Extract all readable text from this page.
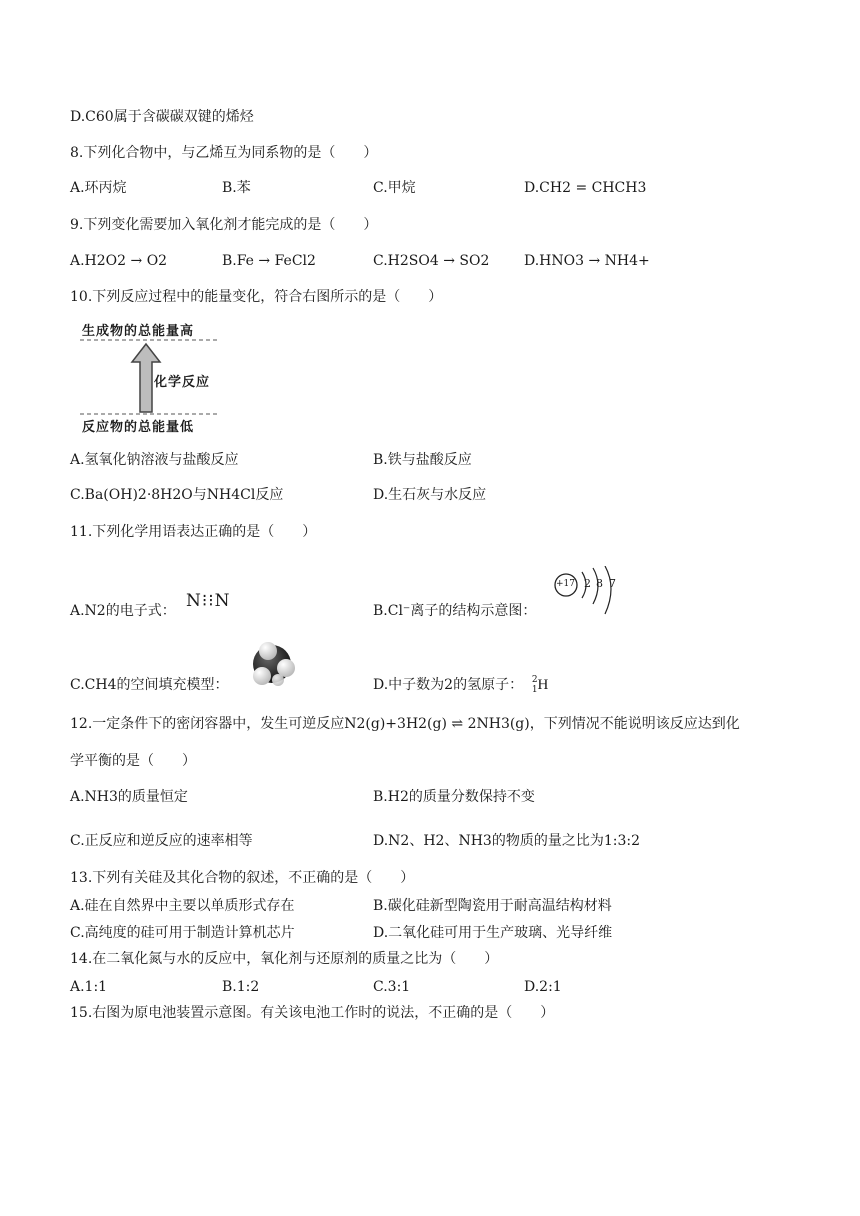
D.C60属于含碳碳双键的烯烃
8.下列化合物中，与乙烯互为同系物的是（　　）
A.环丙烷	B.苯	C.甲烷	D.CH2 = CHCH3
9.下列变化需要加入氧化剂才能完成的是（　　）
A.H2O2 → O2	B.Fe → FeCl2	C.H2SO4 → SO2 D.HNO3 → NH4+
10.下列反应过程中的能量变化，符合右图所示的是（　　）
生成物的总能量高
化学反应
反应物的总能量低
A.氢氧化钠溶液与盐酸反应	B.铁与盐酸反应
C.Ba(OH)2·8H2O与NH4Cl反应	D.生石灰与水反应
11.下列化学用语表达正确的是（　　）
A.N2的电子式： N⁝⁝N	B.Cl⁻离子的结构示意图：
+17 2 8 7
C.CH4的空间填充模型：	D.中子数为2的氢原子： 2
1 H
12.一定条件下的密闭容器中，发生可逆反应N2(g)+3H2(g) ⇌ 2NH3(g)，下列情况不能说明该反应达到化
学平衡的是（　　）
A.NH3的质量恒定	B.H2的质量分数保持不变
C.正反应和逆反应的速率相等	D.N2、H2、NH3的物质的量之比为1:3:2
13.下列有关硅及其化合物的叙述，不正确的是（　　）
A.硅在自然界中主要以单质形式存在	B.碳化硅新型陶瓷用于耐高温结构材料
C.高纯度的硅可用于制造计算机芯片	D.二氧化硅可用于生产玻璃、光导纤维
14.在二氧化氮与水的反应中，氧化剂与还原剂的质量之比为（　　）
A.1:1	B.1:2	C.3:1	D.2:1
15.右图为原电池装置示意图。有关该电池工作时的说法，不正确的是（　　）
